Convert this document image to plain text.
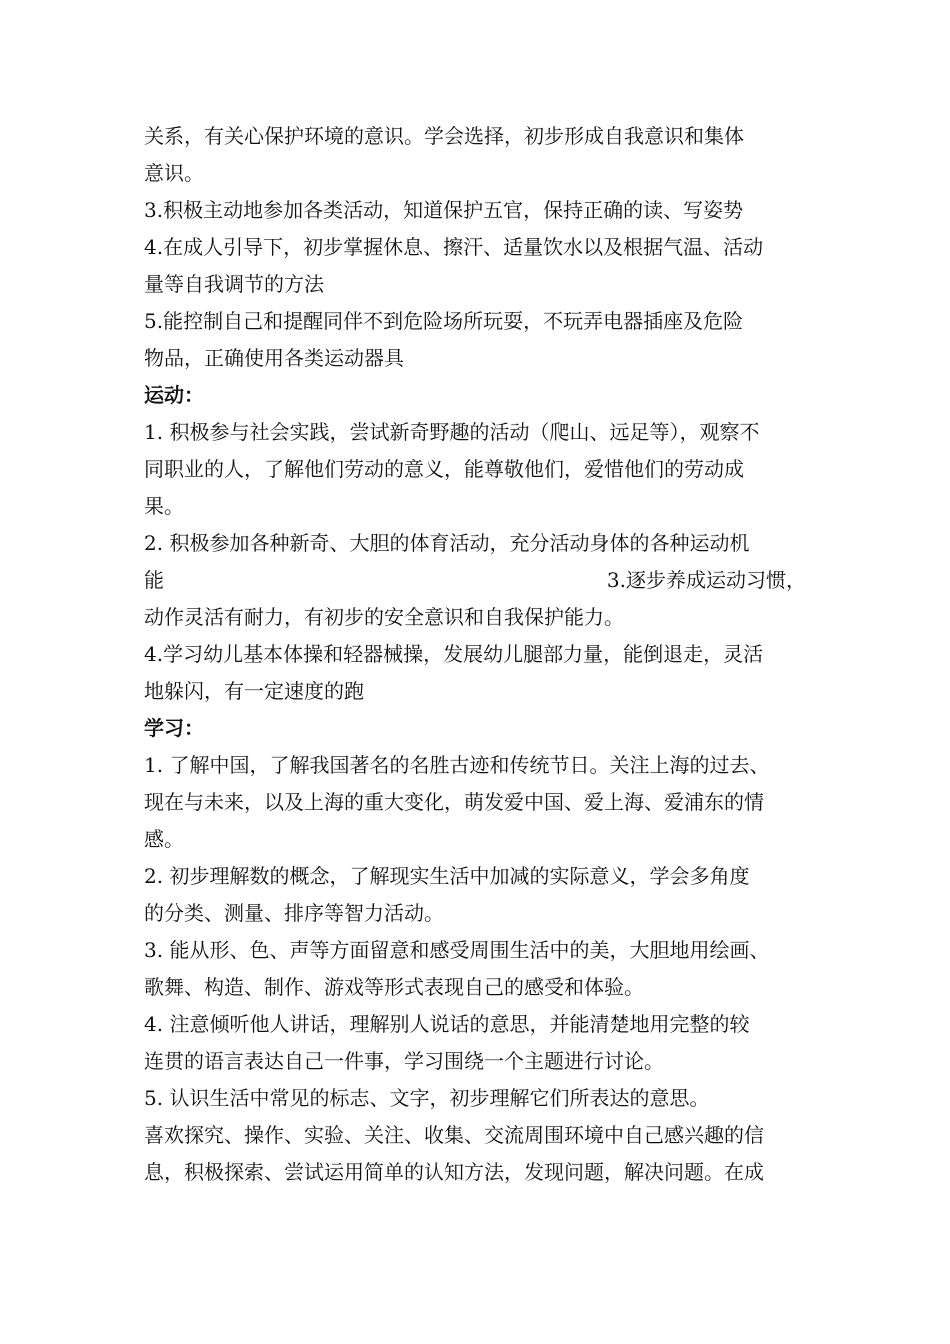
关系，有关心保护环境的意识。学会选择，初步形成自我意识和集体
意识。
3.积极主动地参加各类活动，知道保护五官，保持正确的读、写姿势
4.在成人引导下，初步掌握休息、擦汗、适量饮水以及根据气温、活动
量等自我调节的方法
5.能控制自己和提醒同伴不到危险场所玩耍，不玩弄电器插座及危险
物品，正确使用各类运动器具
运动：
1. 积极参与社会实践，尝试新奇野趣的活动（爬山、远足等），观察不
同职业的人，了解他们劳动的意义，能尊敬他们，爱惜他们的劳动成
果。
2. 积极参加各种新奇、大胆的体育活动，充分活动身体的各种运动机
能	3.逐步养成运动习惯，
动作灵活有耐力，有初步的安全意识和自我保护能力。
4.学习幼儿基本体操和轻器械操，发展幼儿腿部力量，能倒退走，灵活
地躲闪，有一定速度的跑
学习：
1. 了解中国，了解我国著名的名胜古迹和传统节日。关注上海的过去、
现在与未来，以及上海的重大变化，萌发爱中国、爱上海、爱浦东的情
感。
2. 初步理解数的概念，了解现实生活中加减的实际意义，学会多角度
的分类、测量、排序等智力活动。
3. 能从形、色、声等方面留意和感受周围生活中的美，大胆地用绘画、
歌舞、构造、制作、游戏等形式表现自己的感受和体验。
4. 注意倾听他人讲话，理解别人说话的意思，并能清楚地用完整的较
连贯的语言表达自己一件事，学习围绕一个主题进行讨论。
5. 认识生活中常见的标志、文字，初步理解它们所表达的意思。
喜欢探究、操作、实验、关注、收集、交流周围环境中自己感兴趣的信
息，积极探索、尝试运用简单的认知方法，发现问题，解决问题。在成
